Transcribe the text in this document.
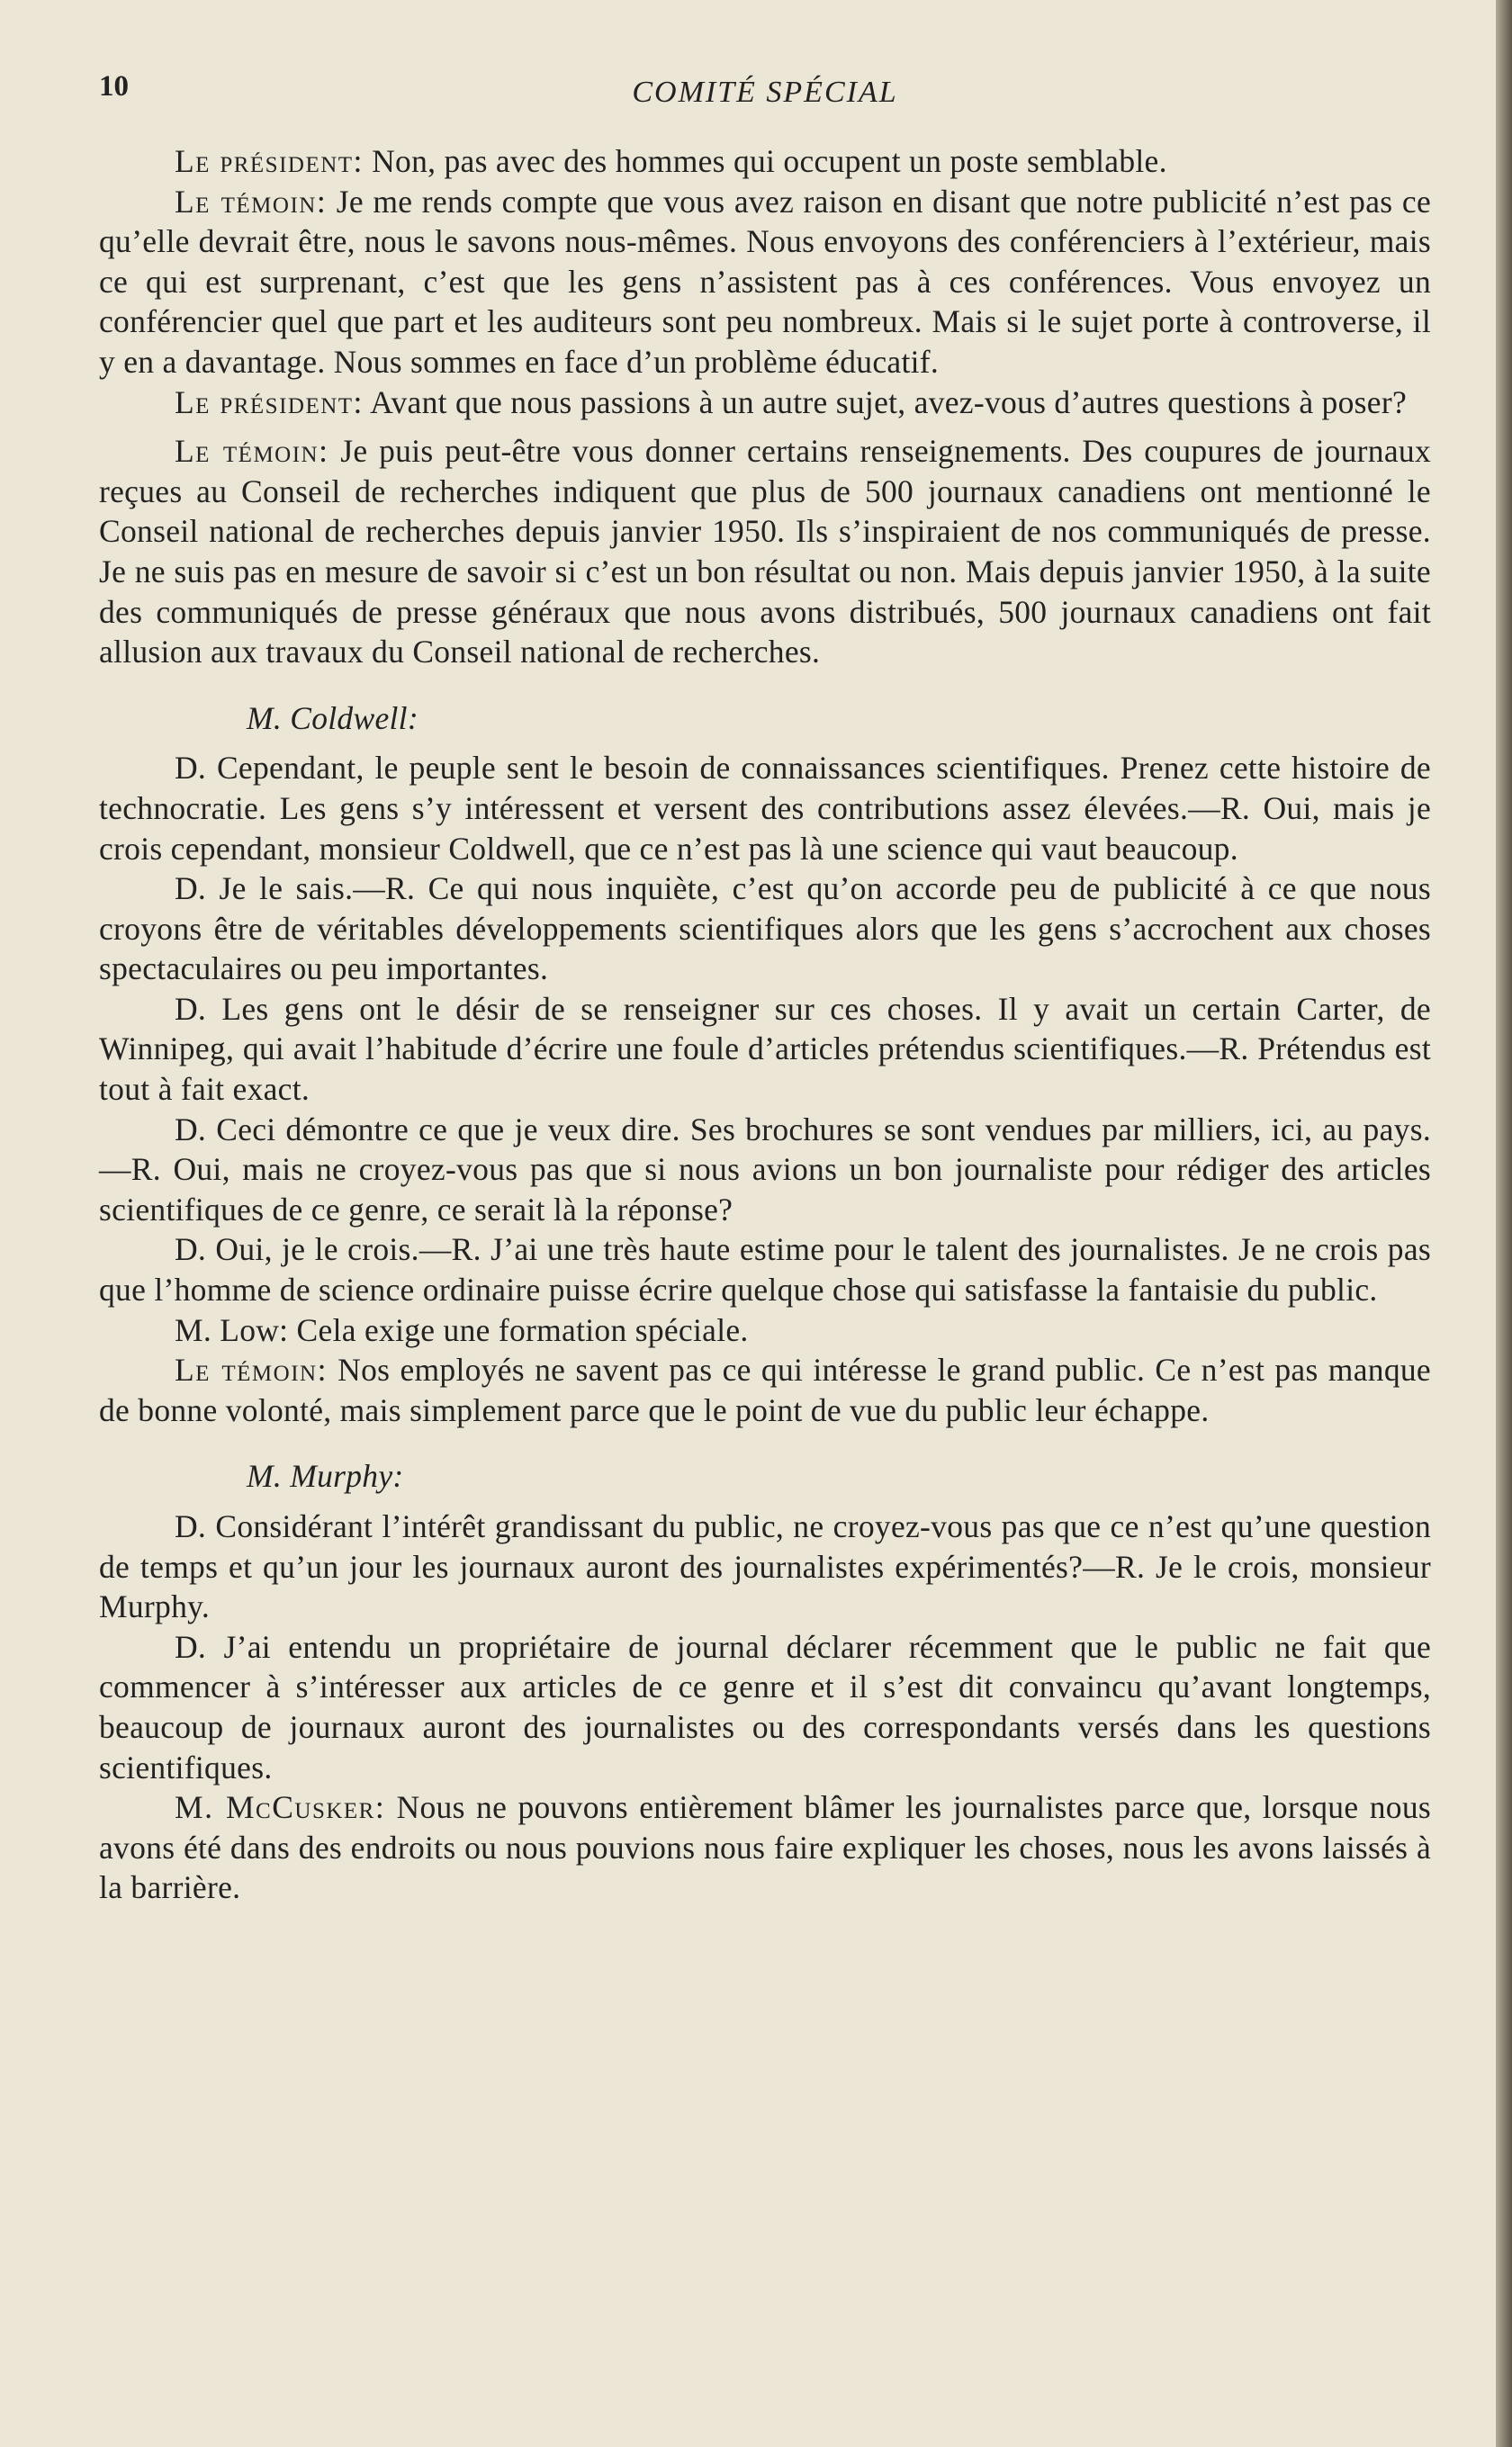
10	COMITÉ SPÉCIAL

Le président: Non, pas avec des hommes qui occupent un poste semblable.

Le témoin: Je me rends compte que vous avez raison en disant que notre publicité n’est pas ce qu’elle devrait être, nous le savons nous-mêmes. Nous envoyons des conférenciers à l’extérieur, mais ce qui est surprenant, c’est que les gens n’assistent pas à ces conférences. Vous envoyez un conférencier quel que part et les auditeurs sont peu nombreux. Mais si le sujet porte à controverse, il y en a davantage. Nous sommes en face d’un problème éducatif.

Le président: Avant que nous passions à un autre sujet, avez-vous d’autres questions à poser?

Le témoin: Je puis peut-être vous donner certains renseignements. Des coupures de journaux reçues au Conseil de recherches indiquent que plus de 500 journaux canadiens ont mentionné le Conseil national de recherches depuis janvier 1950. Ils s’inspiraient de nos communiqués de presse. Je ne suis pas en mesure de savoir si c’est un bon résultat ou non. Mais depuis janvier 1950, à la suite des communiqués de presse généraux que nous avons distribués, 500 journaux canadiens ont fait allusion aux travaux du Conseil national de recherches.

M. Coldwell:

D. Cependant, le peuple sent le besoin de connaissances scientifiques. Prenez cette histoire de technocratie. Les gens s’y intéressent et versent des contributions assez élevées.—R. Oui, mais je crois cependant, monsieur Coldwell, que ce n’est pas là une science qui vaut beaucoup.

D. Je le sais.—R. Ce qui nous inquiète, c’est qu’on accorde peu de publicité à ce que nous croyons être de véritables développements scientifiques alors que les gens s’accrochent aux choses spectaculaires ou peu importantes.

D. Les gens ont le désir de se renseigner sur ces choses. Il y avait un certain Carter, de Winnipeg, qui avait l’habitude d’écrire une foule d’articles prétendus scientifiques.—R. Prétendus est tout à fait exact.

D. Ceci démontre ce que je veux dire. Ses brochures se sont vendues par milliers, ici, au pays.—R. Oui, mais ne croyez-vous pas que si nous avions un bon journaliste pour rédiger des articles scientifiques de ce genre, ce serait là la réponse?

D. Oui, je le crois.—R. J’ai une très haute estime pour le talent des journalistes. Je ne crois pas que l’homme de science ordinaire puisse écrire quelque chose qui satisfasse la fantaisie du public.

M. Low: Cela exige une formation spéciale.

Le témoin: Nos employés ne savent pas ce qui intéresse le grand public. Ce n’est pas manque de bonne volonté, mais simplement parce que le point de vue du public leur échappe.

M. Murphy:

D. Considérant l’intérêt grandissant du public, ne croyez-vous pas que ce n’est qu’une question de temps et qu’un jour les journaux auront des journalistes expérimentés?—R. Je le crois, monsieur Murphy.

D. J’ai entendu un propriétaire de journal déclarer récemment que le public ne fait que commencer à s’intéresser aux articles de ce genre et il s’est dit convaincu qu’avant longtemps, beaucoup de journaux auront des journalistes ou des correspondants versés dans les questions scientifiques.

M. McCusker: Nous ne pouvons entièrement blâmer les journalistes parce que, lorsque nous avons été dans des endroits ou nous pouvions nous faire expliquer les choses, nous les avons laissés à la barrière.
